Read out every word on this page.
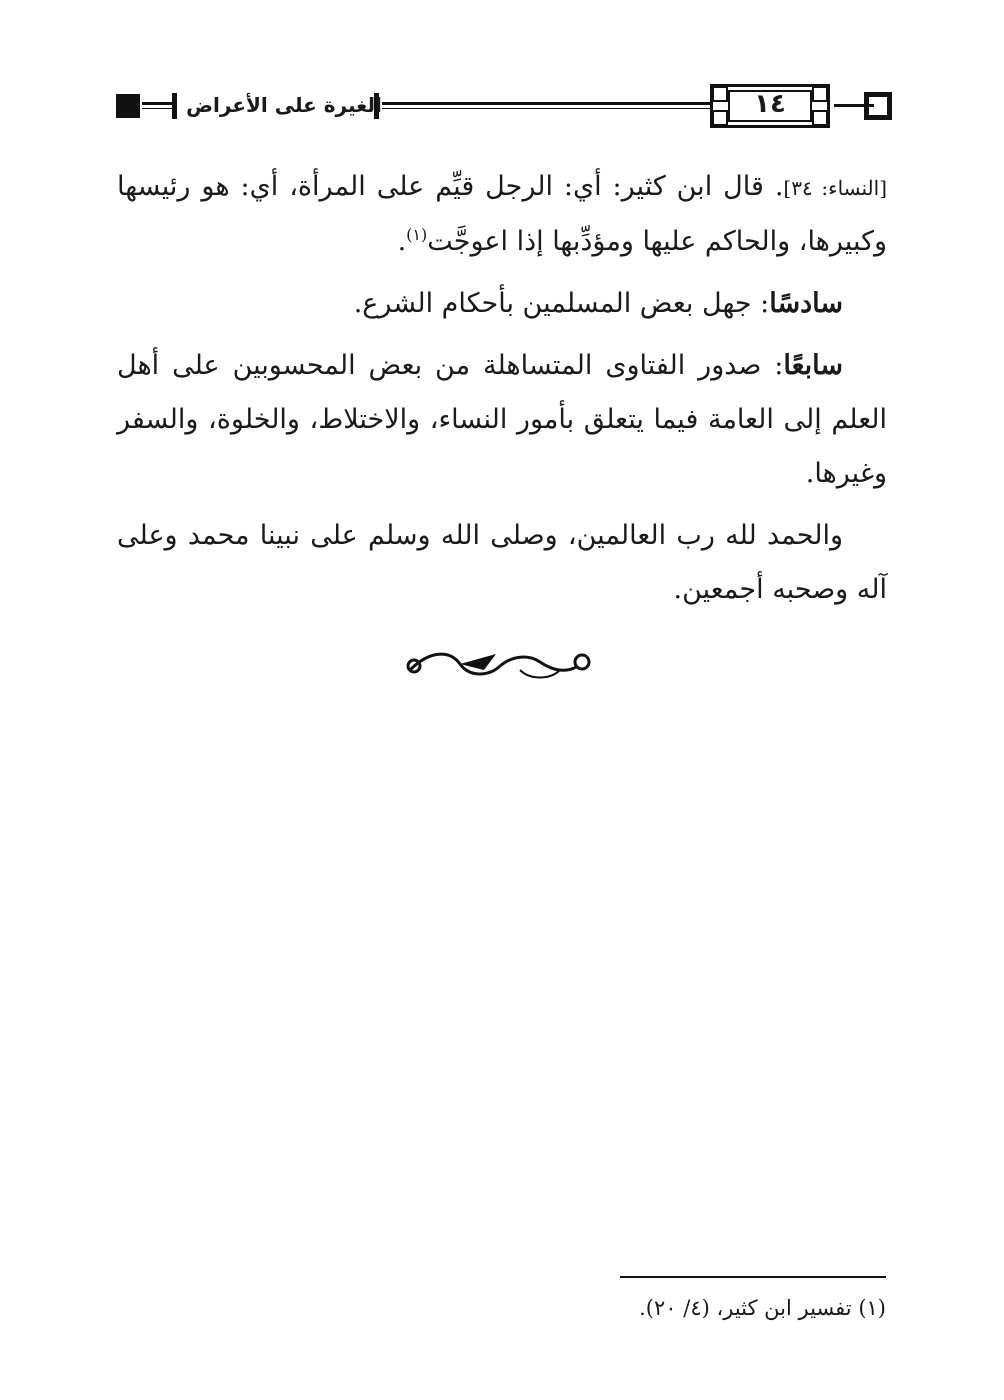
١٤
الغيرة على الأعراض

[النساء: ٣٤]. قال ابن كثير: أي: الرجل قيِّم على المرأة، أي: هو رئيسها وكبيرها، والحاكم عليها ومؤدِّبها إذا اعوجَّت$^{(١)}$.

سادسًا: جهل بعض المسلمين بأحكام الشرع.

سابعًا: صدور الفتاوى المتساهلة من بعض المحسوبين على أهل العلم إلى العامة فيما يتعلق بأمور النساء، والاختلاط، والخلوة، والسفر وغيرها.

والحمد لله رب العالمين، وصلى الله وسلم على نبينا محمد وعلى آله وصحبه أجمعين.

(١) تفسير ابن كثير، (٤/ ٢٠).
